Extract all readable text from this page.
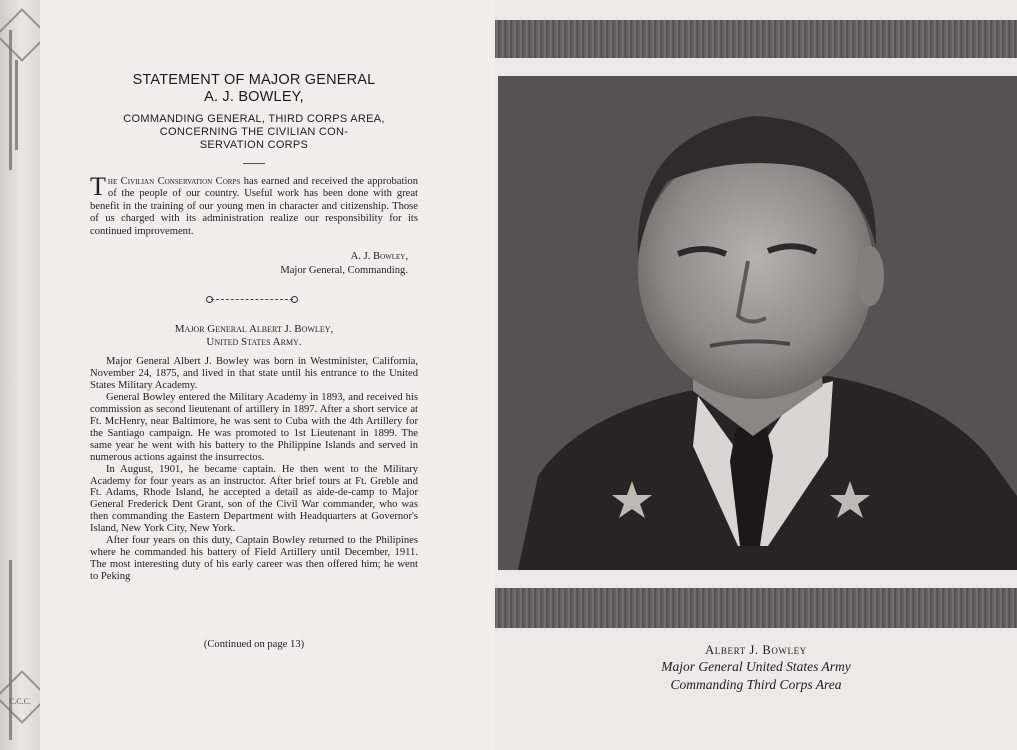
C.C.C.
STATEMENT OF MAJOR GENERAL
A. J. BOWLEY,
COMMANDING GENERAL, THIRD CORPS AREA,
CONCERNING THE CIVILIAN CON-
SERVATION CORPS
The Civilian Conservation Corps has earned and received the approbation of the people of our country. Useful work has been done with great benefit in the training of our young men in character and citizenship. Those of us charged with its administration realize our responsibility for its continued improvement.
A. J. Bowley,
Major General, Commanding.
Major General Albert J. Bowley,
United States Army.

Major General Albert J. Bowley was born in Westminister, California, November 24, 1875, and lived in that state until his entrance to the United States Military Academy.

General Bowley entered the Military Academy in 1893, and received his commission as second lieutenant of artillery in 1897. After a short service at Ft. McHenry, near Baltimore, he was sent to Cuba with the 4th Artillery for the Santiago campaign. He was promoted to 1st Lieutenant in 1899. The same year he went with his battery to the Philippine Islands and served in numerous actions against the insurrectos.

In August, 1901, he became captain. He then went to the Military Academy for four years as an instructor. After brief tours at Ft. Greble and Ft. Adams, Rhode Island, he accepted a detail as aide-de-camp to Major General Frederick Dent Grant, son of the Civil War commander, who was then commanding the Eastern Department with Headquarters at Governor's Island, New York City, New York.

After four years on this duty, Captain Bowley returned to the Philipines where he commanded his battery of Field Artillery until December, 1911. The most interesting duty of his early career was then offered him; he went to Peking

(Continued on page 13)	Albert J. Bowley
Major General United States Army
Commanding Third Corps Area
